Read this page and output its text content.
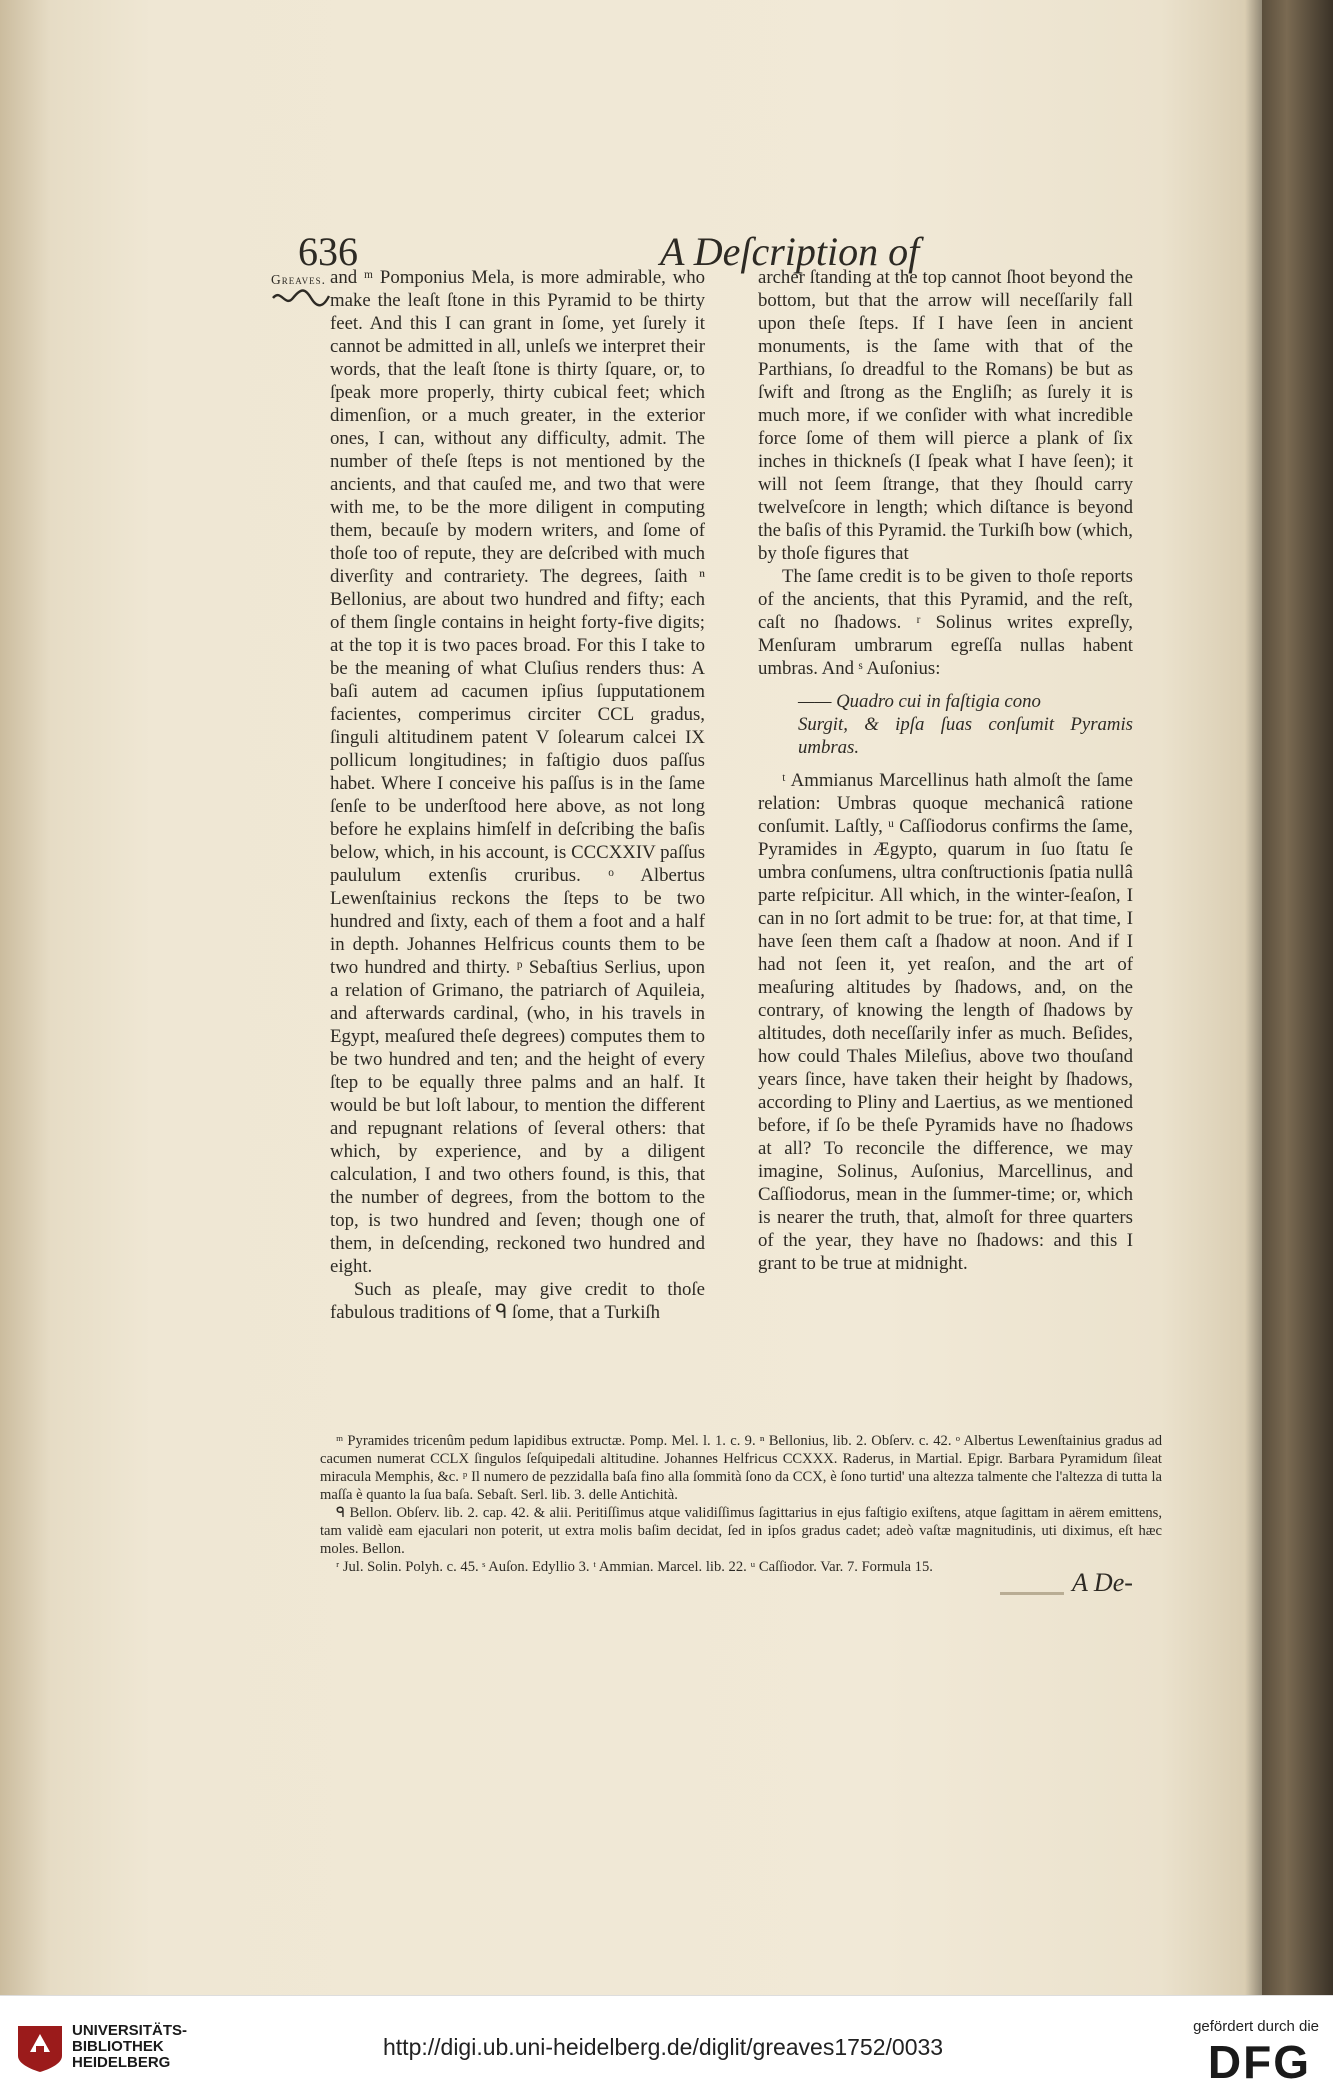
636	A Deſcription of
Greaves. and ᵐ Pomponius Mela, is more admirable, who make the leaſt ſtone in this Pyramid to be thirty feet. And this I can grant in ſome, yet ſurely it cannot be admitted in all, unleſs we interpret their words, that the leaſt ſtone is thirty ſquare, or, to ſpeak more properly, thirty cubical feet; which dimenſion, or a much greater, in the exterior ones, I can, without any difficulty, admit. The number of theſe ſteps is not mentioned by the ancients, and that cauſed me, and two that were with me, to be the more diligent in computing them, becauſe by modern writers, and ſome of thoſe too of repute, they are deſcribed with much diverſity and contrariety. The degrees, ſaith ⁿ Bellonius, are about two hundred and fifty; each of them ſingle contains in height forty-five digits; at the top it is two paces broad. For this I take to be the meaning of what Cluſius renders thus: A baſi autem ad cacumen ipſius ſupputationem facientes, comperimus circiter CCL gradus, ſinguli altitudinem patent V ſolearum calcei IX pollicum longitudines; in faſtigio duos paſſus habet. Where I conceive his paſſus is in the ſame ſenſe to be underſtood here above, as not long before he explains himſelf in deſcribing the baſis below, which, in his account, is CCCXXIV paſſus paululum extenſis cruribus. ᵒ Albertus Lewenſtainius reckons the ſteps to be two hundred and ſixty, each of them a foot and a half in depth. Johannes Helfricus counts them to be two hundred and thirty. ᵖ Sebaſtius Serlius, upon a relation of Grimano, the patriarch of Aquileia, and afterwards cardinal, (who, in his travels in Egypt, meaſured theſe degrees) computes them to be two hundred and ten; and the height of every ſtep to be equally three palms and an half. It would be but loſt labour, to mention the different and repugnant relations of ſeveral others: that which, by experience, and by a diligent calculation, I and two others found, is this, that the number of degrees, from the bottom to the top, is two hundred and ſeven; though one of them, in deſcending, reckoned two hundred and eight.

Such as pleaſe, may give credit to thoſe fabulous traditions of ᑫ ſome, that a Turkiſh

archer ſtanding at the top cannot ſhoot beyond the bottom, but that the arrow will neceſſarily fall upon theſe ſteps. If I have ſeen in ancient monuments, is the ſame with that of the Parthians, ſo dreadful to the Romans) be but as ſwift and ſtrong as the Engliſh; as ſurely it is much more, if we conſider with what incredible force ſome of them will pierce a plank of ſix inches in thickneſs (I ſpeak what I have ſeen); it will not ſeem ſtrange, that they ſhould carry twelveſcore in length; which diſtance is beyond the baſis of this Pyramid. the Turkiſh bow (which, by thoſe figures that

The ſame credit is to be given to thoſe reports of the ancients, that this Pyramid, and the reſt, caſt no ſhadows. ʳ Solinus writes expreſly, Menſuram umbrarum egreſſa nullas habent umbras. And ˢ Auſonius:

—— Quadro cui in faſtigia cono
Surgit, & ipſa ſuas conſumit Pyramis umbras.

ᵗ Ammianus Marcellinus hath almoſt the ſame relation: Umbras quoque mechanicâ ratione conſumit. Laſtly, ᵘ Caſſiodorus confirms the ſame, Pyramides in Ægypto, quarum in ſuo ſtatu ſe umbra conſumens, ultra conſtructionis ſpatia nullâ parte reſpicitur. All which, in the winter-ſeaſon, I can in no ſort admit to be true: for, at that time, I have ſeen them caſt a ſhadow at noon. And if I had not ſeen it, yet reaſon, and the art of meaſuring altitudes by ſhadows, and, on the contrary, of knowing the length of ſhadows by altitudes, doth neceſſarily infer as much. Beſides, how could Thales Mileſius, above two thouſand years ſince, have taken their height by ſhadows, according to Pliny and Laertius, as we mentioned before, if ſo be theſe Pyramids have no ſhadows at all? To reconcile the difference, we may imagine, Solinus, Auſonius, Marcellinus, and Caſſiodorus, mean in the ſummer-time; or, which is nearer the truth, that, almoſt for three quarters of the year, they have no ſhadows: and this I grant to be true at midnight.

ᵐ Pyramides tricenûm pedum lapidibus extructæ. Pomp. Mel. l. 1. c. 9. ⁿ Bellonius, lib. 2. Obſerv. c. 42. ᵒ Albertus Lewenſtainius gradus ad cacumen numerat CCLX ſingulos ſeſquipedali altitudine. Johannes Helfricus CCXXX. Raderus, in Martial. Epigr. Barbara Pyramidum ſileat miracula Memphis, &c. ᵖ Il numero de pezzidalla baſa fino alla ſommità ſono da CCX, è ſono turtid' una altezza talmente che l'altezza di tutta la maſſa è quanto la ſua baſa. Sebaſt. Serl. lib. 3. delle Antichità.

ᑫ Bellon. Obſerv. lib. 2. cap. 42. & alii. Peritiſſimus atque validiſſimus ſagittarius in ejus faſtigio exiſtens, atque ſagittam in aërem emittens, tam validè eam ejaculari non poterit, ut extra molis baſim decidat, ſed in ipſos gradus cadet; adeò vaſtæ magnitudinis, uti diximus, eſt hæc moles. Bellon.

ʳ Jul. Solin. Polyh. c. 45. ˢ Auſon. Edyllio 3. ᵗ Ammian. Marcel. lib. 22. ᵘ Caſſiodor. Var. 7. Formula 15.

A De-
UNIVERSITÄTS-
BIBLIOTHEK
HEIDELBERG
http://digi.ub.uni-heidelberg.de/diglit/greaves1752/0033
gefördert durch die
DFG
